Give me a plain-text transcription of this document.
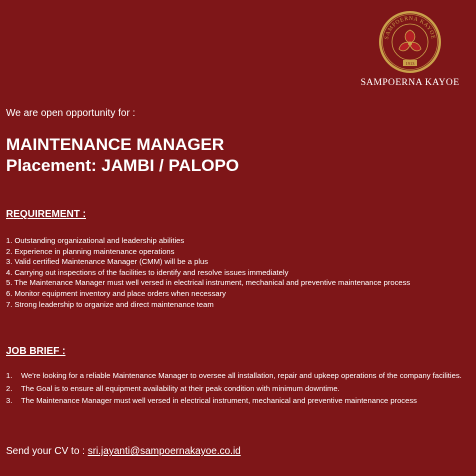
SAMPOERNA KAYOE
1913
SAMPOERNA KAYOE
We are open opportunity for :
MAINTENANCE MANAGER
Placement: JAMBI / PALOPO
REQUIREMENT :
1. Outstanding organizational and leadership abilities
2. Experience in planning maintenance operations
3. Valid certified Maintenance Manager (CMM) will be a plus
4. Carrying out inspections of the facilities to identify and resolve issues immediately
5. The Maintenance Manager must well versed in electrical instrument, mechanical and preventive maintenance process
6. Monitor equipment inventory and place orders when necessary
7. Strong leadership to organize and direct maintenance team
JOB BRIEF :
1. We're looking for a reliable Maintenance Manager to oversee all installation, repair and upkeep operations of the company facilities.
2. The Goal is to ensure all equipment availability at their peak condition with minimum downtime.
3. The Maintenance Manager must well versed in electrical instrument, mechanical and preventive maintenance process
Send your CV to : sri.jayanti@sampoernakayoe.co.id
